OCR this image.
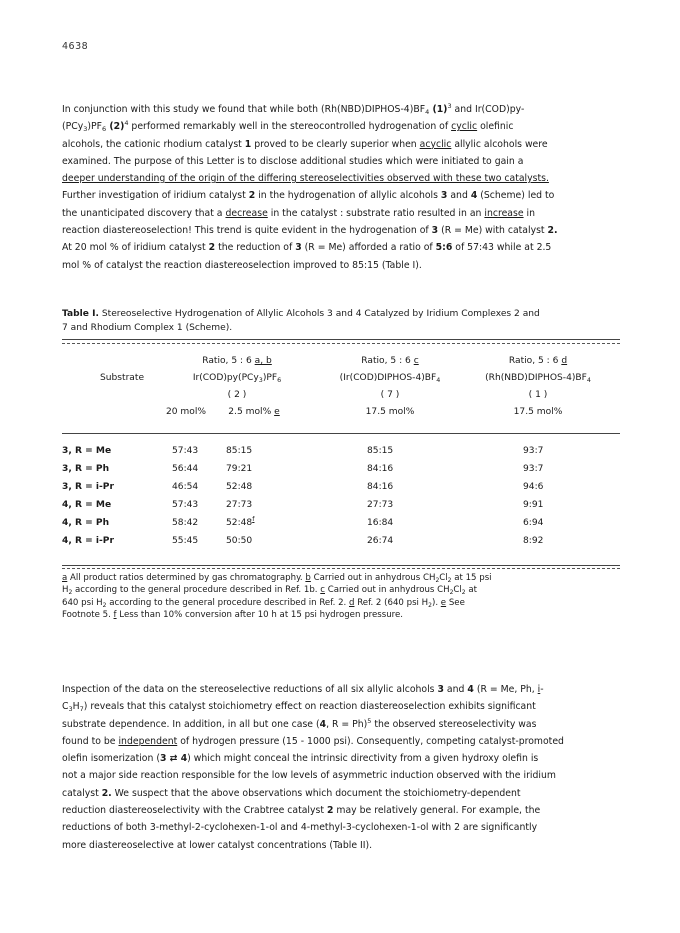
4638

In conjunction with this study we found that while both $(Rh(NBD)DIPHOS-4)BF_4$ $(1)^3$ and Ir(COD)py-

$(PCy_3)PF_6$ $(2)^4$ performed remarkably well in the stereocontrolled hydrogenation of cyclic olefinic

alcohols, the cationic rhodium catalyst 1 proved to be clearly superior when acyclic allylic alcohols were

examined. The purpose of this Letter is to disclose additional studies which were initiated to gain a

deeper understanding of the origin of the differing stereoselectivities observed with these two catalysts.

Further investigation of iridium catalyst 2 in the hydrogenation of allylic alcohols 3 and 4 (Scheme) led to

the unanticipated discovery that a decrease in the catalyst : substrate ratio resulted in an increase in

reaction diastereoselection! This trend is quite evident in the hydrogenation of 3 (R = Me) with catalyst 2.

At 20 mol % of iridium catalyst 2 the reduction of 3 (R = Me) afforded a ratio of 5:6 of 57:43 while at 2.5

mol % of catalyst the reaction diastereoselection improved to 85:15 (Table I).

Table I. Stereoselective Hydrogenation of Allylic Alcohols 3 and 4 Catalyzed by Iridium Complexes 2 and
7 and Rhodium Complex 1 (Scheme).
Ratio, 5 : 6 a, b	Ratio, 5 : 6 c	Ratio, 5 : 6 d
Substrate	$Ir(COD)py(PCy_3)PF_6$	$(Ir(COD)DIPHOS-4)BF_4$	$(Rh(NBD)DIPHOS-4)BF_4$
( 2 )	( 7 )	( 1 )
20 mol%	2.5 mol% e	17.5 mol%	17.5 mol%
3, R = Me	57:43	85:15	85:15	93:7
3, R = Ph	56:44	79:21	84:16	93:7
3, R = i-Pr	46:54	52:48	84:16	94:6
4, R = Me	57:43	27:73	27:73	9:91
4, R = Ph	58:42	52:48$^f$	16:84	6:94
4, R = i-Pr	55:45	50:50	26:74	8:92
a All product ratios determined by gas chromatography. b Carried out in anhydrous $CH_2Cl_2$ at 15 psi
$H_2$ according to the general procedure described in Ref. 1b. c Carried out in anhydrous $CH_2Cl_2$ at
640 psi $H_2$ according to the general procedure described in Ref. 2. d Ref. 2 (640 psi $H_2$). e See
Footnote 5. f Less than 10% conversion after 10 h at 15 psi hydrogen pressure.

Inspection of the data on the stereoselective reductions of all six allylic alcohols 3 and 4 (R = Me, Ph, i-

$C_3H_7$) reveals that this catalyst stoichiometry effect on reaction diastereoselection exhibits significant

substrate dependence. In addition, in all but one case (4, R = Ph)$^5$ the observed stereoselectivity was

found to be independent of hydrogen pressure (15 - 1000 psi). Consequently, competing catalyst-promoted

olefin isomerization (3 ⇄ 4) which might conceal the intrinsic directivity from a given hydroxy olefin is

not a major side reaction responsible for the low levels of asymmetric induction observed with the iridium

catalyst 2. We suspect that the above observations which document the stoichiometry-dependent

reduction diastereoselectivity with the Crabtree catalyst 2 may be relatively general. For example, the

reductions of both 3-methyl-2-cyclohexen-1-ol and 4-methyl-3-cyclohexen-1-ol with 2 are significantly

more diastereoselective at lower catalyst concentrations (Table II).
